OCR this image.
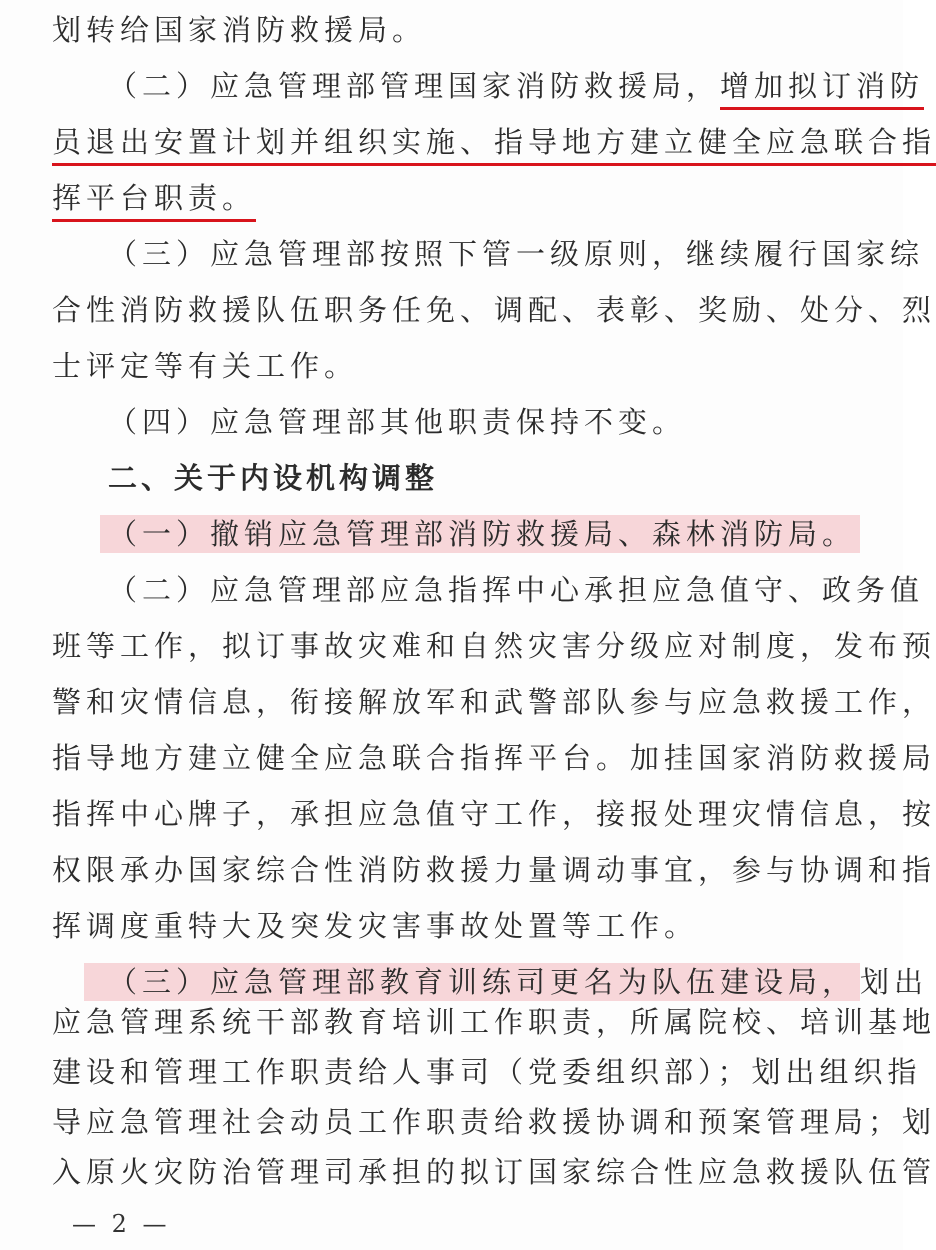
划转给国家消防救援局。
（二）应急管理部管理国家消防救援局，增加拟订消防
员退出安置计划并组织实施、指导地方建立健全应急联合指
挥平台职责。
（三）应急管理部按照下管一级原则，继续履行国家综
合性消防救援队伍职务任免、调配、表彰、奖励、处分、烈
士评定等有关工作。
（四）应急管理部其他职责保持不变。
二、关于内设机构调整
（一）撤销应急管理部消防救援局、森林消防局。
（二）应急管理部应急指挥中心承担应急值守、政务值
班等工作，拟订事故灾难和自然灾害分级应对制度，发布预
警和灾情信息，衔接解放军和武警部队参与应急救援工作，
指导地方建立健全应急联合指挥平台。加挂国家消防救援局
指挥中心牌子，承担应急值守工作，接报处理灾情信息，按
权限承办国家综合性消防救援力量调动事宜，参与协调和指
挥调度重特大及突发灾害事故处置等工作。
（三）应急管理部教育训练司更名为队伍建设局， 划出
应急管理系统干部教育培训工作职责，所属院校、培训基地
建设和管理工作职责给人事司（党委组织部）；划出组织指
导应急管理社会动员工作职责给救援协调和预案管理局；划
— 2 —
入原火灾防治管理司承担的拟订国家综合性应急救援队伍管
